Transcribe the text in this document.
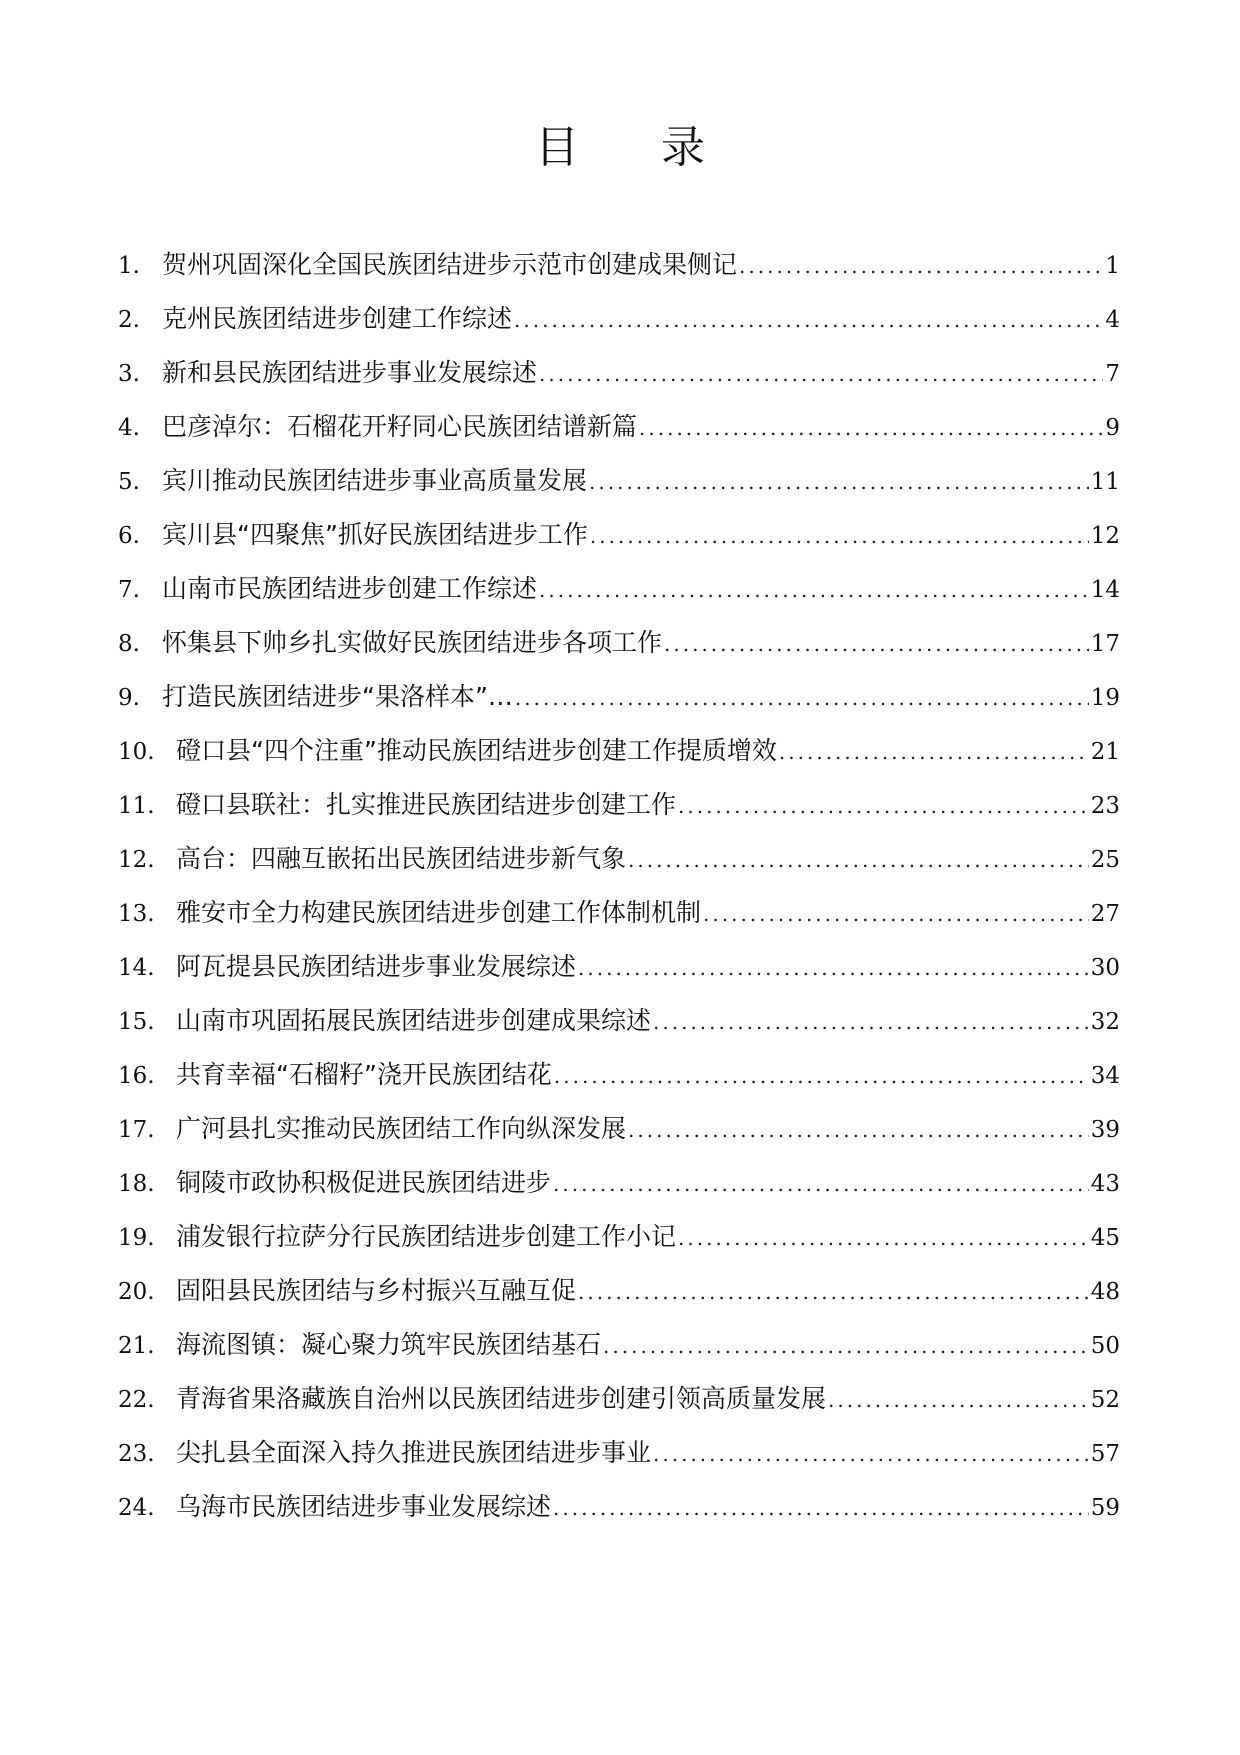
目 录
1. 贺州巩固深化全国民族团结进步示范市创建成果侧记 .....	1
2. 克州民族团结进步创建工作综述 .....	4
3. 新和县民族团结进步事业发展综述 .....	7
4. 巴彦淖尔：石榴花开籽同心民族团结谱新篇 .....	9
5. 宾川推动民族团结进步事业高质量发展 .....	11
6. 宾川县“四聚焦”抓好民族团结进步工作 .....	12
7. 山南市民族团结进步创建工作综述 .....	14
8. 怀集县下帅乡扎实做好民族团结进步各项工作 .....	17
9. 打造民族团结进步“果洛样本”… .....	19
10. 磴口县“四个注重”推动民族团结进步创建工作提质增效 .....	21
11. 磴口县联社：扎实推进民族团结进步创建工作 .....	23
12. 高台：四融互嵌拓出民族团结进步新气象 .....	25
13. 雅安市全力构建民族团结进步创建工作体制机制 .....	27
14. 阿瓦提县民族团结进步事业发展综述 .....	30
15. 山南市巩固拓展民族团结进步创建成果综述 .....	32
16. 共育幸福“石榴籽”浇开民族团结花 .....	34
17. 广河县扎实推动民族团结工作向纵深发展 .....	39
18. 铜陵市政协积极促进民族团结进步 .....	43
19. 浦发银行拉萨分行民族团结进步创建工作小记 .....	45
20. 固阳县民族团结与乡村振兴互融互促 .....	48
21. 海流图镇：凝心聚力筑牢民族团结基石 .....	50
22. 青海省果洛藏族自治州以民族团结进步创建引领高质量发展 .....	52
23. 尖扎县全面深入持久推进民族团结进步事业 .....	57
24. 乌海市民族团结进步事业发展综述 .....	59
